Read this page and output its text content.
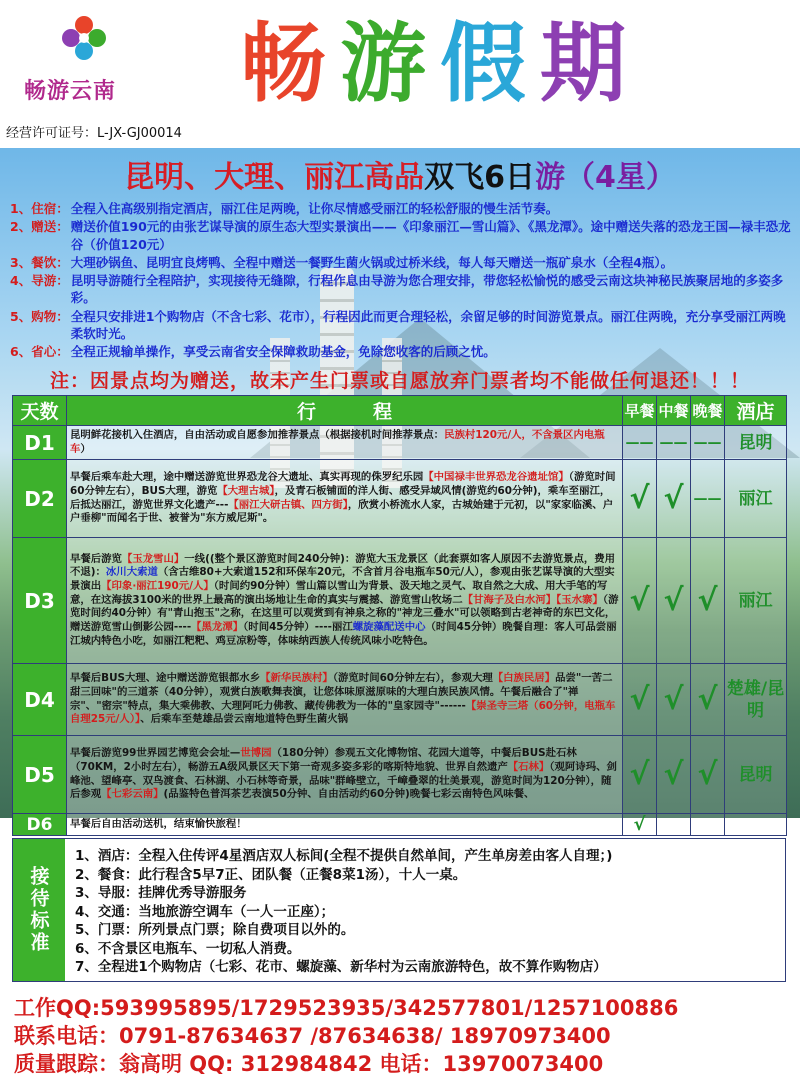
畅游云南 畅游假期
经营许可证号：L-JX-GJ00014
昆明、大理、丽江高品双飞6日游（4星）
1、 住宿： 全程入住高级别指定酒店，丽江住足两晚，让你尽情感受丽江的轻松舒服的慢生活节奏。
2、 赠送： 赠送价值190元的由张艺谋导演的原生态大型实景演出——《印象丽江—雪山篇》、《黑龙潭》。途中赠送失落的恐龙王国—禄丰恐龙谷（价值120元）
3、 餐饮： 大理砂锅鱼、昆明宜良烤鸭、全程中赠送一餐野生菌火锅或过桥米线，每人每天赠送一瓶矿泉水（全程4瓶）。
4、 导游： 昆明导游随行全程陪护，实现接待无缝隙，行程作息由导游为您合理安排，带您轻松愉悦的感受云南这块神秘民族聚居地的多姿多彩。
5、 购物： 全程只安排进1个购物店（不含七彩、花市），行程因此而更合理轻松，余留足够的时间游览景点。丽江住两晚，充分享受丽江两晚柔软时光。
6、 省心： 全程正规输单操作，享受云南省安全保障救助基金，免除您收客的后顾之忧。
注：因景点均为赠送，故未产生门票或自愿放弃门票者均不能做任何退还！！！
天数	行　　　程	早餐	中餐	晚餐	酒店
D1	昆明鲜花接机入住酒店，自由活动或自愿参加推荐景点（根据接机时间推荐景点：民族村120元/人，不含景区内电瓶车）	——	——	——	昆明
D2	早餐后乘车赴大理，途中赠送游览世界恐龙谷大遗址、真实再现的侏罗纪乐园【中国禄丰世界恐龙谷遗址馆】（游览时间60分钟左右），BUS大理，游览【大理古城】，及青石板铺面的洋人街、感受异域风情(游览约60分钟)，乘车至丽江，后抵达丽江，游览世界文化遗产---【丽江大研古镇、四方街】，欣赏小桥流水人家，古城始建于元初，以"家家临溪、户户垂柳"而闻名于世、被誉为"东方威尼斯"。	√	√	——	丽江
D3	早餐后游览【玉龙雪山】一线((整个景区游览时间240分钟)：游览大玉龙景区（此套票如客人原因不去游览景点，费用不退)：冰川大索道（含古维80+大索道152和环保车20元，不含首月谷电瓶车50元/人），参观由张艺谋导演的大型实景演出【印象·丽江190元/人】（时间约90分钟）雪山篇以雪山为背景、汲天地之灵气、取自然之大成、用大手笔的写意，在这海拔3100米的世界上最高的演出场地让生命的真实与震撼、游览雪山牧场二【甘海子及白水河】【玉水寨】（游览时间约40分钟）有"青山抱玉"之称，在这里可以观赏到有神泉之称的"神龙三叠水"可以领略到古老神奇的东巴文化，赠送游览雪山倒影公园----【黑龙潭】（时间45分钟）----丽江螺旋藻配送中心（时间45分钟）晚餐自理：客人可品尝丽江城内特色小吃，如丽江粑粑、鸡豆凉粉等，体味纳西族人传统风味小吃特色。	√	√	√	丽江
D4	早餐后BUS大理、途中赠送游览银都水乡【新华民族村】（游览时间60分钟左右），参观大理【白族民居】品尝"一苦二甜三回味"的三道茶（40分钟），观赏白族歌舞表演，让您体味原滋原味的大理白族民族风情。午餐后融合了"禅宗"、"密宗"特点，集大乘佛教、大理阿吒力佛教、藏传佛教为一体的"皇家园寺"------【崇圣寺三塔（60分钟，电瓶车自理25元/人）】、后乘车至楚雄品尝云南地道特色野生菌火锅	√	√	√	楚雄/昆明
D5	早餐后游览99世界园艺博览会会址—世博园（180分钟）参观五文化博物馆、花园大道等，中餐后BUS赴石林（70KM，2小时左右），畅游五A级风景区天下第一奇观多姿多彩的喀斯特地貌、世界自然遗产【石林】（观阿诗玛、剑峰池、望峰亭、双鸟渡食、石林湖、小石林等奇景，品味"群峰壁立，千嶂叠翠的壮美景观，游览时间为120分钟），随后参观【七彩云南】(品鉴特色普洱茶艺表演50分钟、自由活动约60分钟)晚餐七彩云南特色风味餐、	√	√	√	昆明
D6	早餐后自由活动送机，结束愉快旅程！	√			
接待标准
1、酒店：全程入住传评4星酒店双人标间(全程不提供自然单间，产生单房差由客人自理；)
2、餐食：此行程含5早7正、团队餐（正餐8菜1汤），十人一桌。
3、导服：挂牌优秀导游服务
4、交通：当地旅游空调车（一人一正座）；
5、门票：所列景点门票；除自费项目以外的。
6、不含景区电瓶车、一切私人消费。
7、全程进1个购物店（七彩、花市、螺旋藻、新华村为云南旅游特色，故不算作购物店）
工作QQ:593995895/1729523935/342577801/1257100886
联系电话：0791-87634637 /87634638/ 18970973400
质量跟踪：翁高明 QQ: 312984842 电话：13970073400
